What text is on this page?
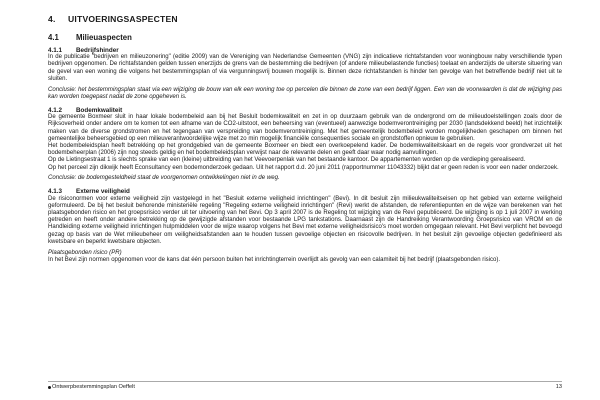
4.	UITVOERINGSASPECTEN
4.1	Milieuaspecten
4.1.1	Bedrijfshinder

In de publicatie "bedrijven en milieuzonering" (editie 2009) van de Vereniging van Nederlandse Gemeenten (VNG) zijn indicatieve richtafstanden voor woningbouw naby verschillende typen bedrijven opgenomen. De richtafstanden gelden tussen enerzijds de grens van de bestemming die bedrijven (of andere milieubelastende functies) toelaat en anderzijds de uiterste situering van de gevel van een woning die volgens het bestemmingsplan of via vergunningsvrij bouwen mogelijk is. Binnen deze richtafstanden is hinder ten gevolge van het betreffende bedrijf niet uit te sluiten.

Conclusie: het bestemmingsplan staat via een wijziging de bouw van elk een woning toe op percelen die binnen de zone van een bedrijf liggen. Een van de voorwaarden is dat de wijziging pas kan worden toegepast nadat de zone opgeheven is.

4.1.2	Bodemkwaliteit

De gemeente Boxmeer sluit in haar lokale bodembeleid aan bij het Besluit bodemkwaliteit en zet in op duurzaam gebruik van de ondergrond om de milieudoelstellingen zoals door de Rijksoverheid onder andere om te komen tot een afname van de CO2-uitstoot, een beheersing van (eventueel) aanwezige bodemverontreiniging per 2030 (landsdekkend beeld) het inzichtelijk maken van de diverse grondstromen en het tegengaan van verspreiding van bodemverontreiniging. Met het gemeentelijk bodembeleid worden mogelijkheden geschapen om binnen het gemeentelijke beheersgebied op een milieuverantwoordelijke wijze met zo min mogelijk financiële consequenties sociale en grondstoffen opnieuw te gebruiken.

Het bodembeleidsplan heeft betrekking op het grondgebied van de gemeente Boxmeer en biedt een overkoepelend kader. De bodemkwaliteitskaart en de regels voor grondverzet uit het bodembeheerplan (2006) zijn nog steeds geldig en het bodembeleidsplan verwijst naar de relevante delen en geeft daar waar nodig aanvullingen.

Op de Lietingsestraat 1 is slechts sprake van een (kleine) uitbreiding van het Veevoerpenlak van het bestaande kantoor. De appartementen worden op de verdieping gerealiseerd.

Op het perceel zijn dikwijk heeft Econsultancy een bodemonderzoek gedaan. Uit het rapport d.d. 20 juni 2011 (rapportnummer 11043332) blijkt dat er geen reden is voor een nader onderzoek.

Conclusie: de bodemgesteldheid staat de voorgenomen ontwikkelingen niet in de weg.

4.1.3	Externe veiligheid

De risiconormen voor externe veiligheid zijn vastgelegd in het "Besluit externe veiligheid inrichtingen" (Bevi). In dit besluit zijn milieukwaliteitseisen op het gebied van externe veiligheid geformuleerd. De bij het besluit behorende ministeriële regeling "Regeling externe veiligheid inrichtingen" (Revi) werkt de afstanden, de referentiepunten en de wijze van berekenen van het plaatsgebonden risico en het groepsrisico verder uit ter uitvoering van het Bevi. Op 3 april 2007 is de Regeling tot wijziging van de Revi gepubliceerd. De wijziging is op 1 juli 2007 in werking getreden en heeft onder andere betrekking op de gewijzigde afstanden voor bestaande LPG tankstations. Daarnaast zijn de Handreiking Verantwoording Groepsrisico van VROM en de Handleiding externe veiligheid inrichtingen hulpmiddelen voor de wijze waarop volgens het Bevi met externe veiligheidsrisico's moet worden omgegaan relevant. Het Bevi verplicht het bevoegd gezag op basis van de Wet milieubeheer om veiligheidsafstanden aan te houden tussen gevoelige objecten en risicovolle bedrijven. In het besluit zijn gevoelige objecten gedefinieerd als kwetsbare en beperkt kwetsbare objecten.

Plaatsgebonden risico (PR)

In het Bevi zijn normen opgenomen voor de kans dat één persoon buiten het inrichtingterrein overlijdt als gevolg van een calamiteit bij het bedrijf (plaatsgebonden risico).

Ontwerpbestemmingsplan Oeffelt	13
